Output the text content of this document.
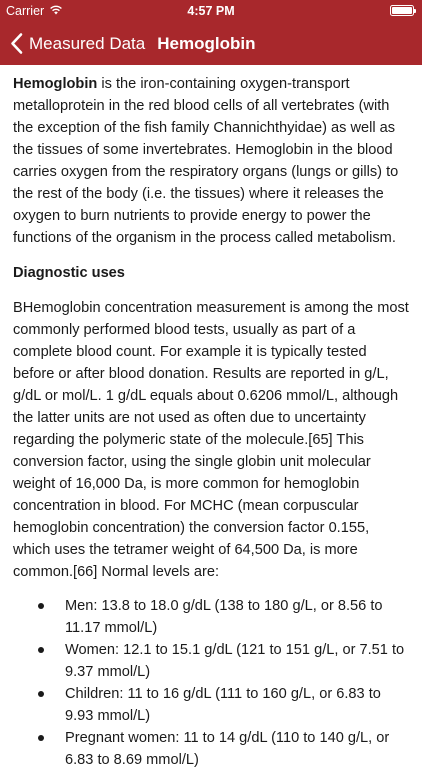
Carrier	4:57 PM
Measured Data Hemoglobin

Hemoglobin is the iron-containing oxygen-transport metalloprotein in the red blood cells of all vertebrates (with the exception of the fish family Channichthyidae) as well as the tissues of some invertebrates. Hemoglobin in the blood carries oxygen from the respiratory organs (lungs or gills) to the rest of the body (i.e. the tissues) where it releases the oxygen to burn nutrients to provide energy to power the functions of the organism in the process called metabolism.

Diagnostic uses

BHemoglobin concentration measurement is among the most commonly performed blood tests, usually as part of a complete blood count. For example it is typically tested before or after blood donation. Results are reported in g/L, g/dL or mol/L. 1 g/dL equals about 0.6206 mmol/L, although the latter units are not used as often due to uncertainty regarding the polymeric state of the molecule.[65] This conversion factor, using the single globin unit molecular weight of 16,000 Da, is more common for hemoglobin concentration in blood. For MCHC (mean corpuscular hemoglobin concentration) the conversion factor 0.155, which uses the tetramer weight of 64,500 Da, is more common.[66] Normal levels are:

Men: 13.8 to 18.0 g/dL (138 to 180 g/L, or 8.56 to 11.17 mmol/L)
Women: 12.1 to 15.1 g/dL (121 to 151 g/L, or 7.51 to 9.37 mmol/L)
Children: 11 to 16 g/dL (111 to 160 g/L, or 6.83 to 9.93 mmol/L)
Pregnant women: 11 to 14 g/dL (110 to 140 g/L, or 6.83 to 8.69 mmol/L)
